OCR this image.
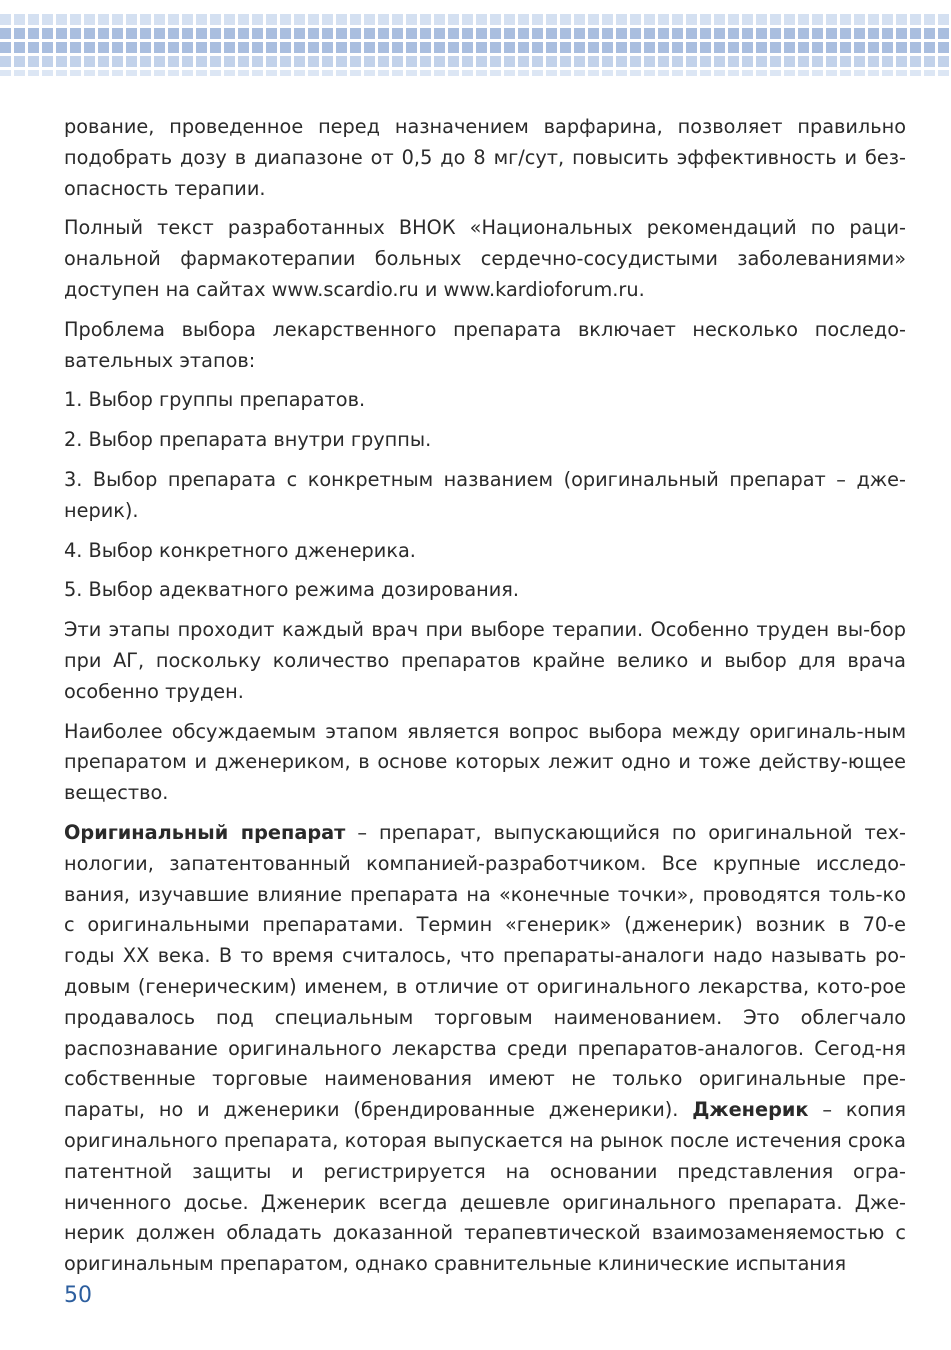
рование, проведенное перед назначением варфарина, позволяет правильно подобрать дозу в диапазоне от 0,5 до 8 мг/сут, повысить эффективность и без-опасность терапии.

Полный текст разработанных ВНОК «Национальных рекомендаций по раци-ональной фармакотерапии больных сердечно-сосудистыми заболеваниями» доступен на сайтах www.scardio.ru и www.kardioforum.ru.

Проблема выбора лекарственного препарата включает несколько последо-вательных этапов:

1. Выбор группы препаратов.

2. Выбор препарата внутри группы.

3. Выбор препарата с конкретным названием (оригинальный препарат – дже-нерик).

4. Выбор конкретного дженерика.

5. Выбор адекватного режима дозирования.

Эти этапы проходит каждый врач при выборе терапии. Особенно труден вы-бор при АГ, поскольку количество препаратов крайне велико и выбор для врача особенно труден.

Наиболее обсуждаемым этапом является вопрос выбора между оригиналь-ным препаратом и дженериком, в основе которых лежит одно и тоже действу-ющее вещество.

Оригинальный препарат – препарат, выпускающийся по оригинальной тех-нологии, запатентованный компанией-разработчиком. Все крупные исследо-вания, изучавшие влияние препарата на «конечные точки», проводятся толь-ко с оригинальными препаратами. Термин «генерик» (дженерик) возник в 70-е годы XX века. В то время считалось, что препараты-аналоги надо называть ро-довым (генерическим) именем, в отличие от оригинального лекарства, кото-рое продавалось под специальным торговым наименованием. Это облегчало распознавание оригинального лекарства среди препаратов-аналогов. Сегод-ня собственные торговые наименования имеют не только оригинальные пре-параты, но и дженерики (брендированные дженерики). Дженерик – копия оригинального препарата, которая выпускается на рынок после истечения срока патентной защиты и регистрируется на основании представления огра-ниченного досье. Дженерик всегда дешевле оригинального препарата. Дже-нерик должен обладать доказанной терапевтической взаимозаменяемостью с оригинальным препаратом, однако сравнительные клинические испытания

50
